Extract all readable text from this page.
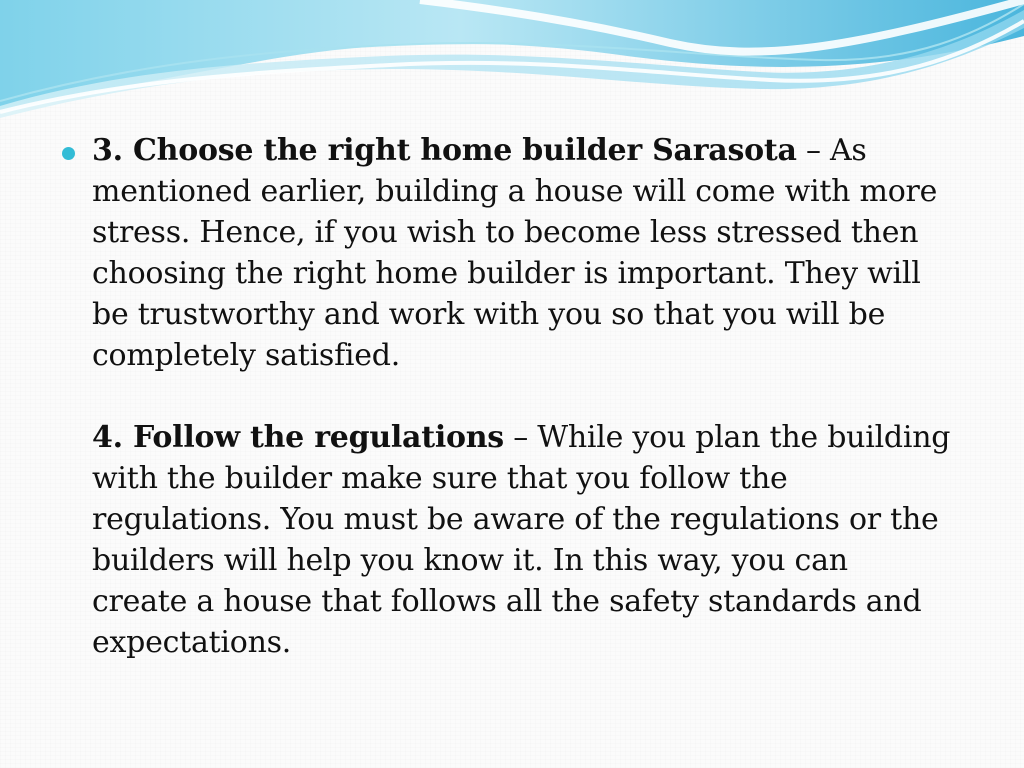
3. Choose the right home builder Sarasota – As mentioned earlier, building a house will come with more stress. Hence, if you wish to become less stressed then choosing the right home builder is important. They will be trustworthy and work with you so that you will be completely satisfied.

4. Follow the regulations – While you plan the building with the builder make sure that you follow the regulations. You must be aware of the regulations or the builders will help you know it. In this way, you can create a house that follows all the safety standards and expectations.
